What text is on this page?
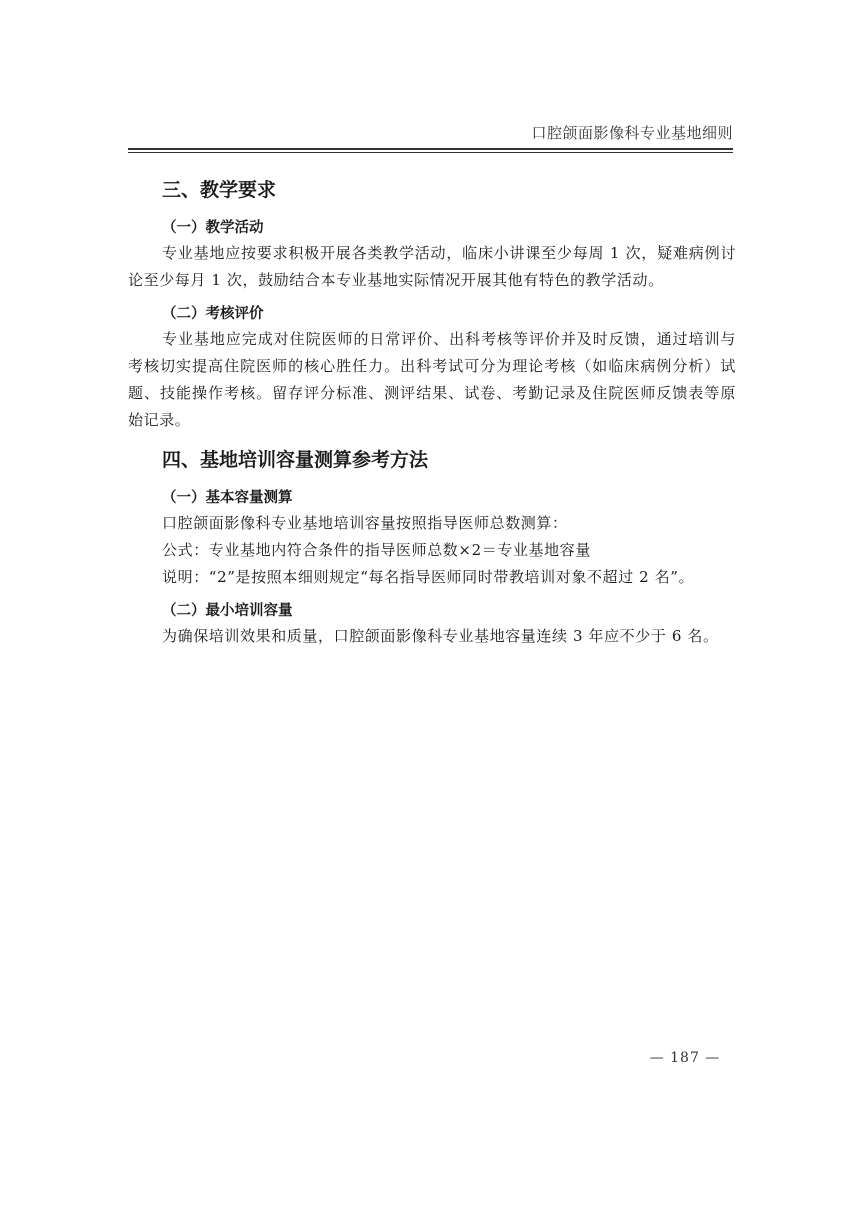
口腔颌面影像科专业基地细则
三、教学要求
（一）教学活动

专业基地应按要求积极开展各类教学活动，临床小讲课至少每周 1 次，疑难病例讨论至少每月 1 次，鼓励结合本专业基地实际情况开展其他有特色的教学活动。

（二）考核评价

专业基地应完成对住院医师的日常评价、出科考核等评价并及时反馈，通过培训与考核切实提高住院医师的核心胜任力。出科考试可分为理论考核（如临床病例分析）试题、技能操作考核。留存评分标准、测评结果、试卷、考勤记录及住院医师反馈表等原始记录。

四、基地培训容量测算参考方法
（一）基本容量测算

口腔颌面影像科专业基地培训容量按照指导医师总数测算：

公式：专业基地内符合条件的指导医师总数×2＝专业基地容量

说明：“2”是按照本细则规定“每名指导医师同时带教培训对象不超过 2 名”。

（二）最小培训容量

为确保培训效果和质量，口腔颌面影像科专业基地容量连续 3 年应不少于 6 名。

— 187 —
